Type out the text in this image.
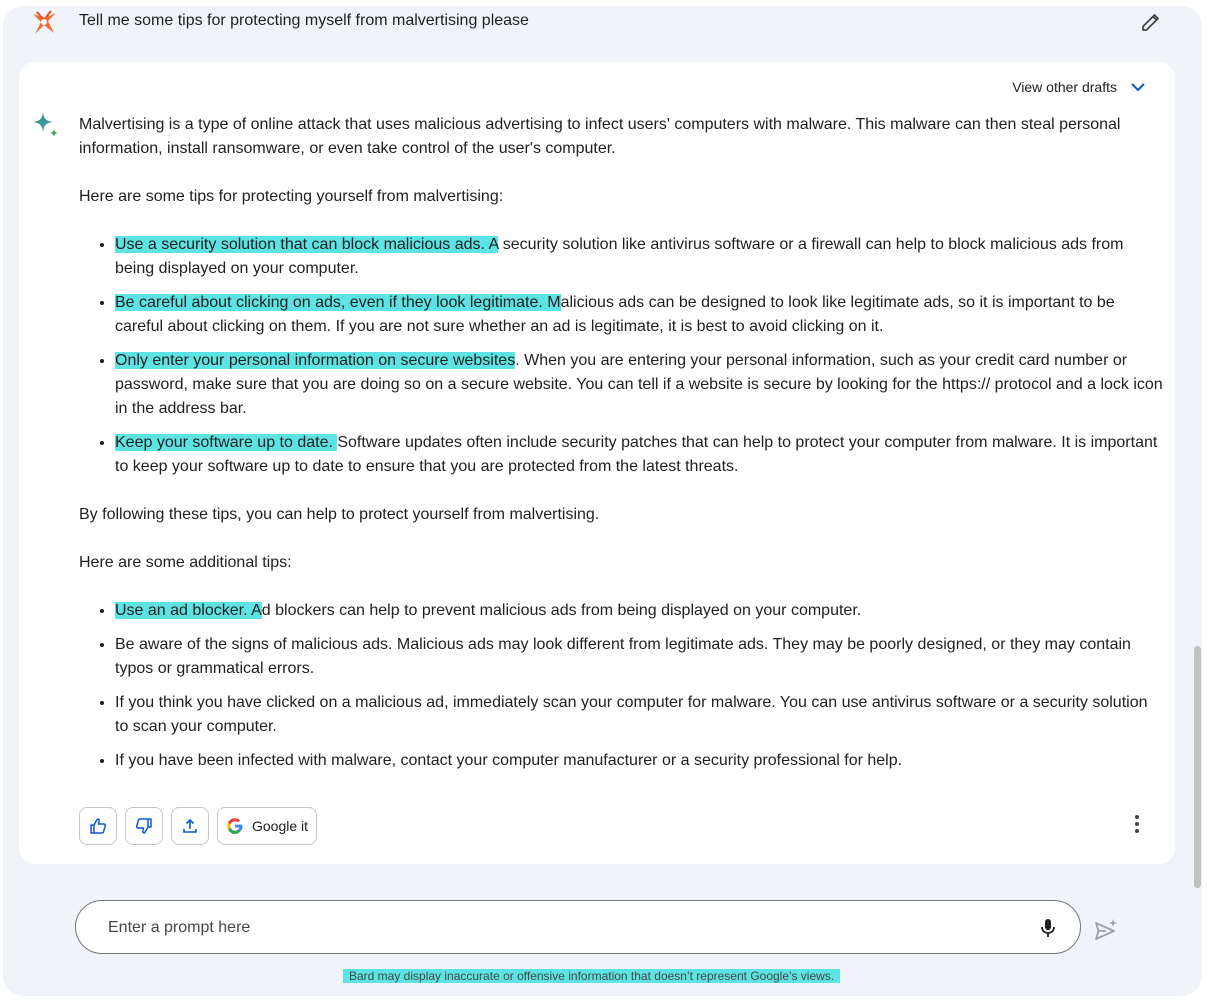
Tell me some tips for protecting myself from malvertising please
View other drafts

Malvertising is a type of online attack that uses malicious advertising to infect users' computers with malware. This malware can then steal personal information, install ransomware, or even take control of the user's computer.

Here are some tips for protecting yourself from malvertising:

• Use a security solution that can block malicious ads. A security solution like antivirus software or a firewall can help to block malicious ads from being displayed on your computer.
• Be careful about clicking on ads, even if they look legitimate. Malicious ads can be designed to look like legitimate ads, so it is important to be careful about clicking on them. If you are not sure whether an ad is legitimate, it is best to avoid clicking on it.
• Only enter your personal information on secure websites. When you are entering your personal information, such as your credit card number or password, make sure that you are doing so on a secure website. You can tell if a website is secure by looking for the https:// protocol and a lock icon in the address bar.
• Keep your software up to date. Software updates often include security patches that can help to protect your computer from malware. It is important to keep your software up to date to ensure that you are protected from the latest threats.

By following these tips, you can help to protect yourself from malvertising.

Here are some additional tips:

• Use an ad blocker. Ad blockers can help to prevent malicious ads from being displayed on your computer.
• Be aware of the signs of malicious ads. Malicious ads may look different from legitimate ads. They may be poorly designed, or they may contain typos or grammatical errors.
• If you think you have clicked on a malicious ad, immediately scan your computer for malware. You can use antivirus software or a security solution to scan your computer.
• If you have been infected with malware, contact your computer manufacturer or a security professional for help.
Google it
Enter a prompt here
Bard may display inaccurate or offensive information that doesn’t represent Google’s views.
